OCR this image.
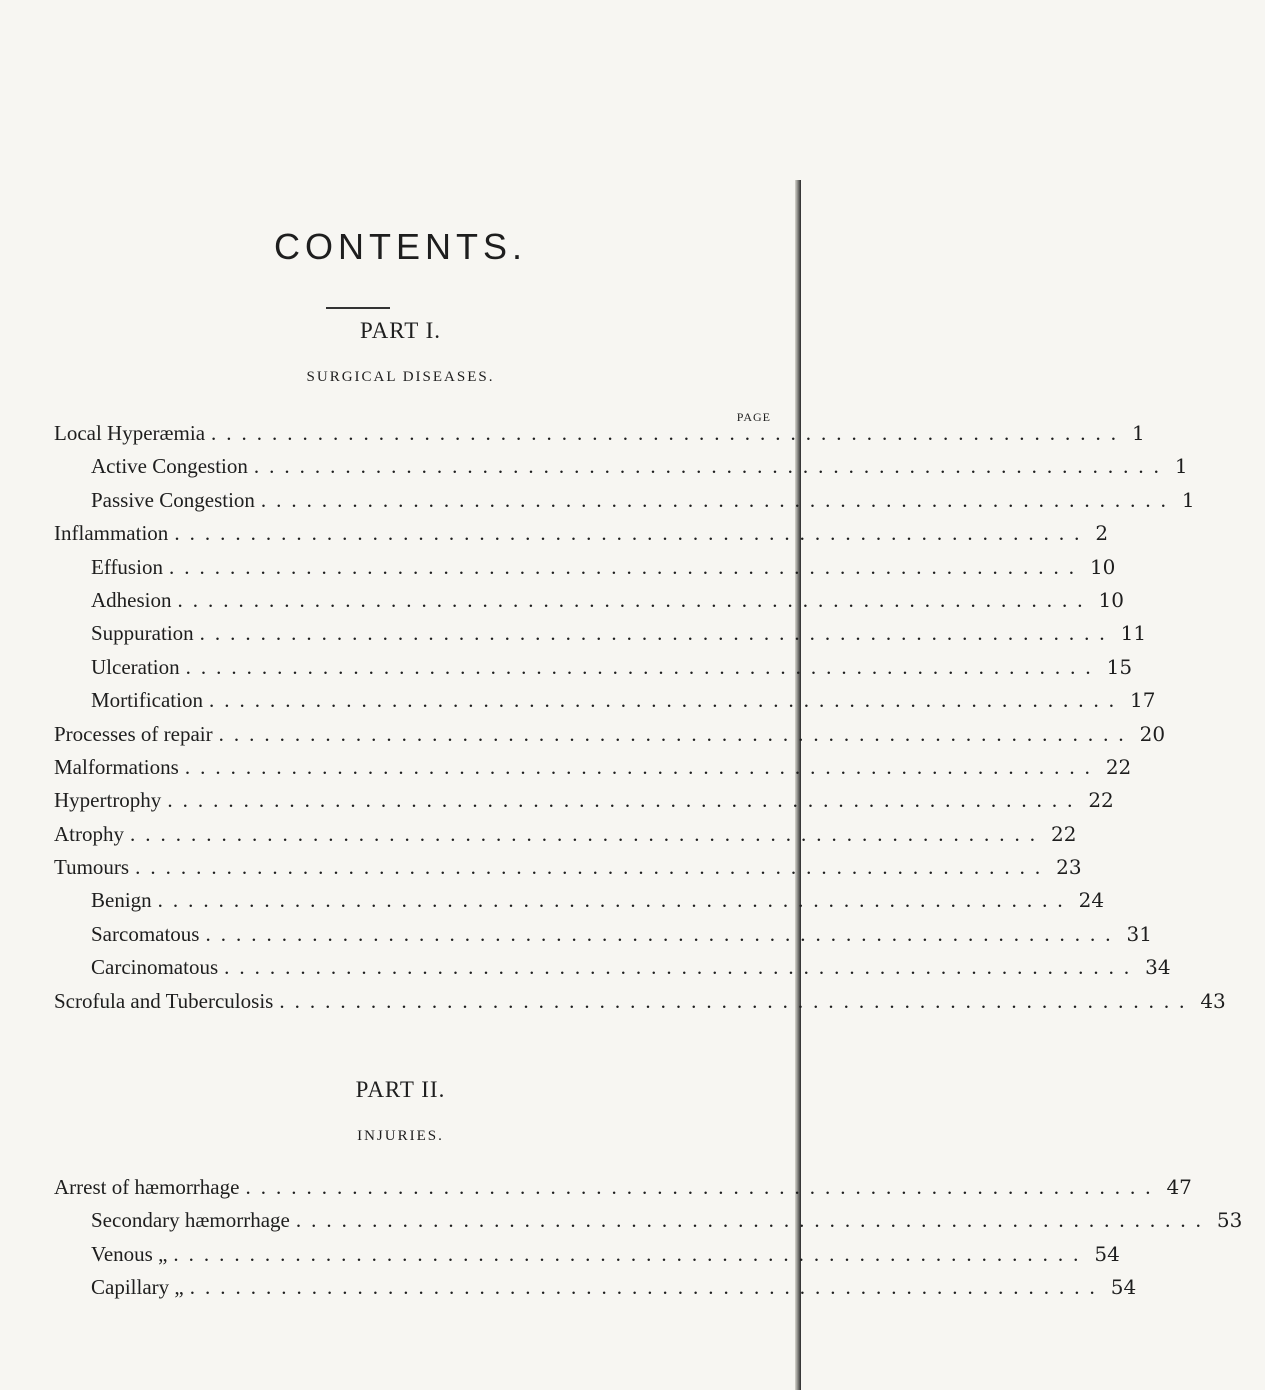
CONTENTS.
PART I.
SURGICAL DISEASES.
PAGE
Local Hyperæmia ............................................................ 1
Active Congestion ............................................................ 1
Passive Congestion ............................................................ 1
Inflammation ............................................................ 2
Effusion ............................................................ 10
Adhesion ............................................................ 10
Suppuration ............................................................ 11
Ulceration ............................................................ 15
Mortification ............................................................ 17
Processes of repair ............................................................ 20
Malformations ............................................................ 22
Hypertrophy ............................................................ 22
Atrophy ............................................................ 22
Tumours ............................................................ 23
Benign ............................................................ 24
Sarcomatous ............................................................ 31
Carcinomatous ............................................................ 34
Scrofula and Tuberculosis ............................................................ 43
PART II.
INJURIES.
Arrest of hæmorrhage ............................................................ 47
Secondary hæmorrhage ............................................................ 53
Venous „ ............................................................ 54
Capillary „ ............................................................ 54
